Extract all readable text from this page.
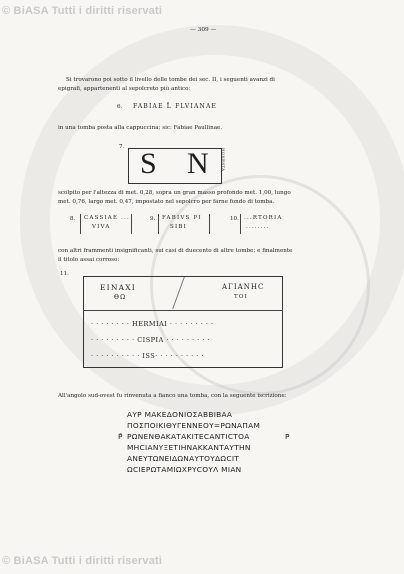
© BiASA Tutti i diritti riservati
— 309 —
Si trovarono poi sotto il livello delle tombe dei sec. II, i seguenti avanzi di
epigrafi, appartenenti al sepolcreto più antico:
6. FABIAE L̄ FLVIANAE
in una tomba posta alla cappuccina; sic: Fabiae Paullinae.
7. S N	HONESTA
scolpito per l'altezza di met. 0,28, sopra un gran masso profondo met. 1,00, lungo
met. 0,76, largo met. 0,47, impostato nel sepolcro per farne fondo di tomba.
8. CASSIAE ...
VIVA
9. FABIVS PI
SIBI
10. ...RTORIA
........
con altri frammenti insignificanti, sui casi di duecento di altre tombe; e finalmente
il titolo assai corroso:
11.
EINAXI
ΘΩ
AΓIANHC
TOI
· · · · · · · · HERMIAI · · · · · · · · ·
· · · · · · · · · CISPIA · · · · · · · · ·
· · · · · · · · · · ISS· · · · · · · · · ·
All'angolo sud-ovest fu rinvenuta a fianco una tomba, con la seguente iscrizione:
ΑΥΡ ΜΑΚΕΔΟΝΙΟΣΑΒΒΙΒΑΑ
ΠΟΣΠΟΙΚΙΘΥΓΕΝΝΕΟΥ=ΡΩΝΑΠΑΜ
ΡΩΝΕΝΘΑΚΑΤΑΚΙΤΕCΑΝΤΙCΤΟΑ
ΜΗCΙΑΝΥΞΕΤΙΗΝΑΚΚΑΝΤΑΥΤΗΝ
ΑΝΕΥΤΩΝΕΙΔΩΝΑΥΤΟΥΔΩCΙΤ
ΩCΙΕΡΩΤΑΜΙΩΧΡΥCΟΥΛ ΜΙΑΝ
Ρ̄	Ρ
© BiASA Tutti i diritti riservati
